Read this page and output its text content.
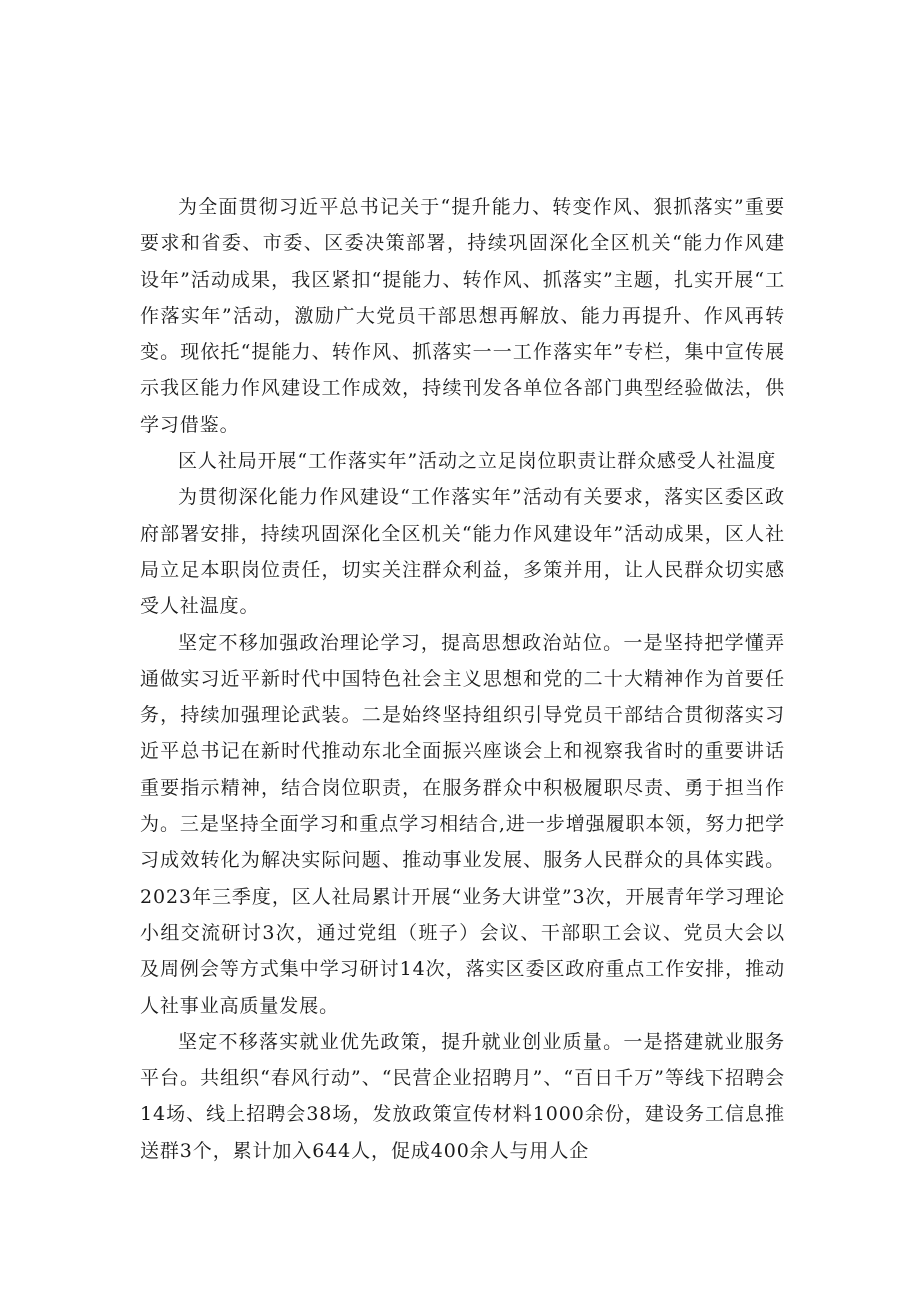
为全面贯彻习近平总书记关于“提升能力、转变作风、狠抓落实”重要要求和省委、市委、区委决策部署，持续巩固深化全区机关“能力作风建设年”活动成果，我区紧扣“提能力、转作风、抓落实”主题，扎实开展“工作落实年”活动，激励广大党员干部思想再解放、能力再提升、作风再转变。现依托“提能力、转作风、抓落实一一工作落实年”专栏，集中宣传展示我区能力作风建设工作成效，持续刊发各单位各部门典型经验做法，供学习借鉴。

区人社局开展“工作落实年”活动之立足岗位职责让群众感受人社温度

为贯彻深化能力作风建设“工作落实年”活动有关要求，落实区委区政府部署安排，持续巩固深化全区机关“能力作风建设年”活动成果，区人社局立足本职岗位责任，切实关注群众利益，多策并用，让人民群众切实感受人社温度。

坚定不移加强政治理论学习，提高思想政治站位。一是坚持把学懂弄通做实习近平新时代中国特色社会主义思想和党的二十大精神作为首要任务，持续加强理论武装。二是始终坚持组织引导党员干部结合贯彻落实习近平总书记在新时代推动东北全面振兴座谈会上和视察我省时的重要讲话重要指示精神，结合岗位职责，在服务群众中积极履职尽责、勇于担当作为。三是坚持全面学习和重点学习相结合,进一步增强履职本领，努力把学习成效转化为解决实际问题、推动事业发展、服务人民群众的具体实践。2023年三季度，区人社局累计开展“业务大讲堂”3次，开展青年学习理论小组交流研讨3次，通过党组（班子）会议、干部职工会议、党员大会以及周例会等方式集中学习研讨14次，落实区委区政府重点工作安排，推动人社事业高质量发展。

坚定不移落实就业优先政策，提升就业创业质量。一是搭建就业服务平台。共组织“春风行动”、“民营企业招聘月”、“百日千万”等线下招聘会14场、线上招聘会38场，发放政策宣传材料1000余份，建设务工信息推送群3个，累计加入644人，促成400余人与用人企
